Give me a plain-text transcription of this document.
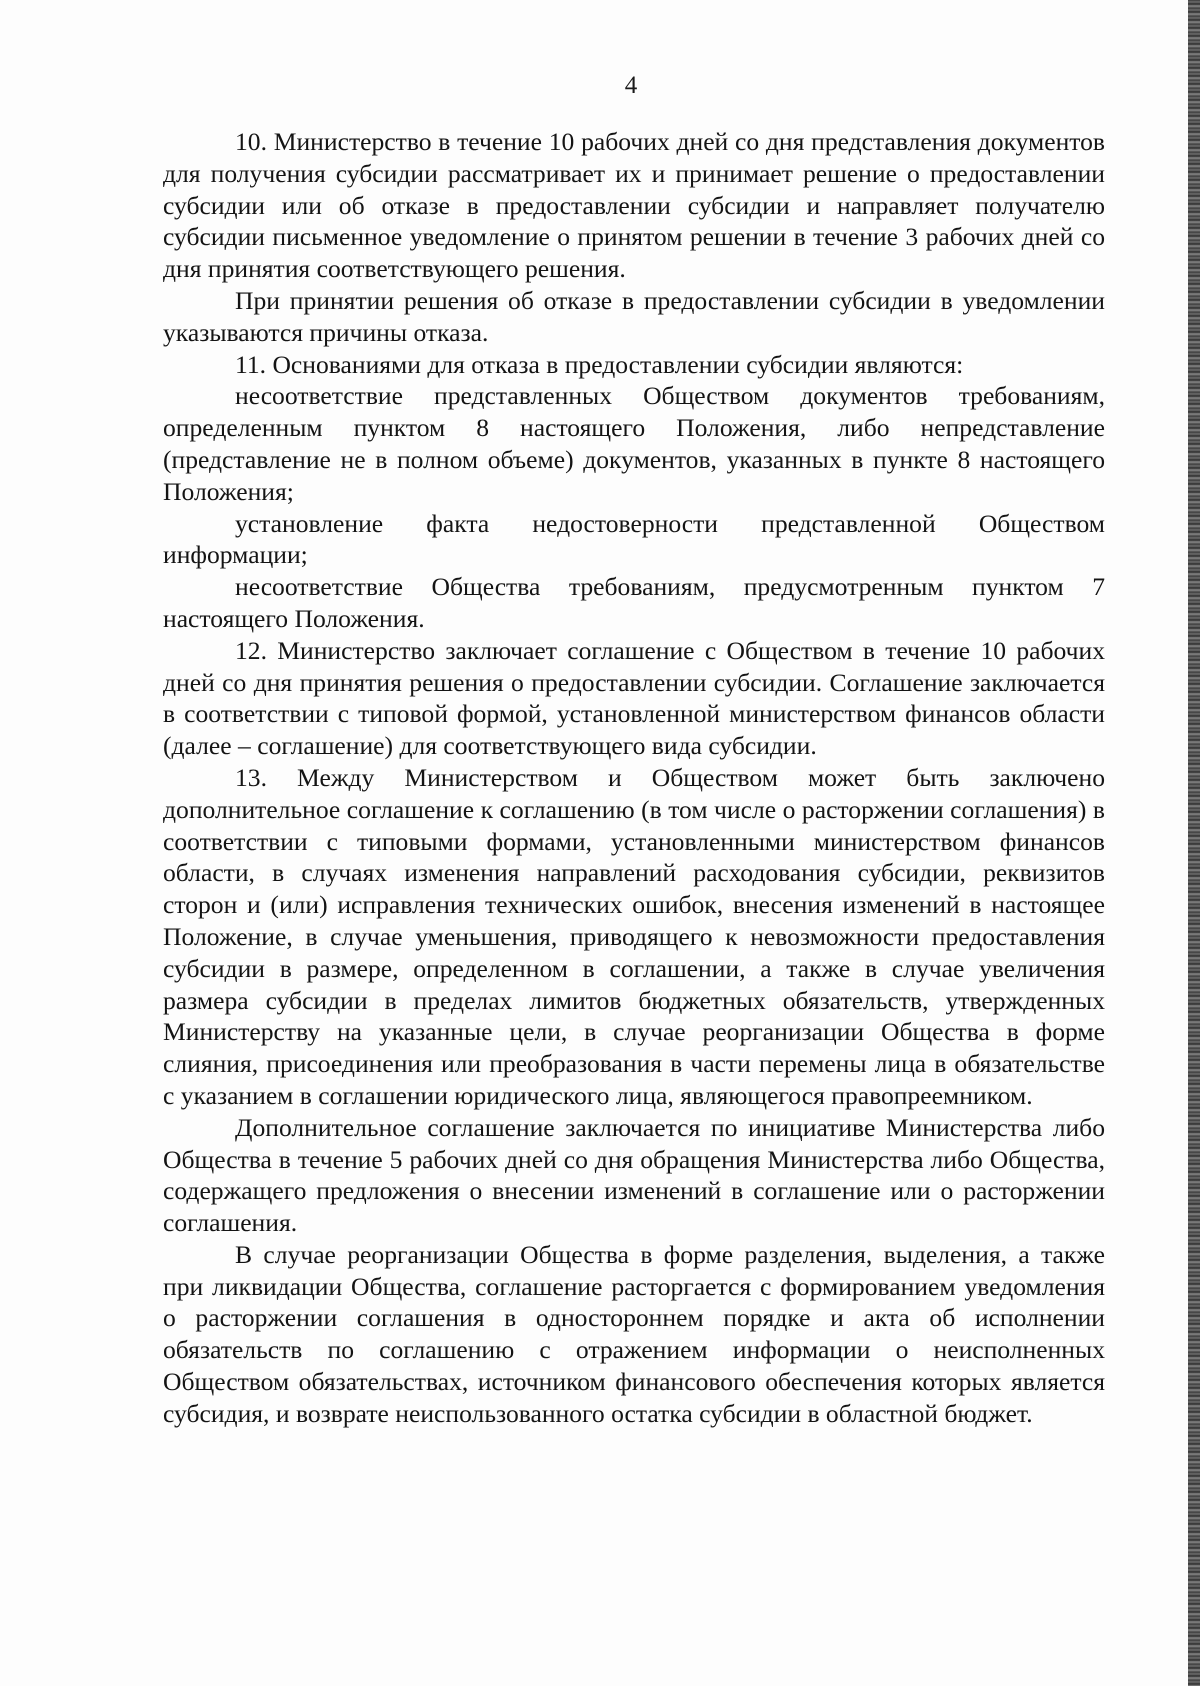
4

10. Министерство в течение 10 рабочих дней со дня представления документов для получения субсидии рассматривает их и принимает решение о предоставлении субсидии или об отказе в предоставлении субсидии и направляет получателю субсидии письменное уведомление о принятом решении в течение 3 рабочих дней со дня принятия соответствующего решения.

При принятии решения об отказе в предоставлении субсидии в уведомлении указываются причины отказа.

11. Основаниями для отказа в предоставлении субсидии являются:

несоответствие представленных Обществом документов требованиям, определенным пунктом 8 настоящего Положения, либо непредставление (представление не в полном объеме) документов, указанных в пункте 8 настоящего Положения;

установление факта недостоверности представленной Обществом информации;

несоответствие Общества требованиям, предусмотренным пунктом 7 настоящего Положения.

12. Министерство заключает соглашение с Обществом в течение 10 рабочих дней со дня принятия решения о предоставлении субсидии. Соглашение заключается в соответствии с типовой формой, установленной министерством финансов области (далее – соглашение) для соответствующего вида субсидии.

13. Между Министерством и Обществом может быть заключено дополнительное соглашение к соглашению (в том числе о расторжении соглашения) в соответствии с типовыми формами, установленными министерством финансов области, в случаях изменения направлений расходования субсидии, реквизитов сторон и (или) исправления технических ошибок, внесения изменений в настоящее Положение, в случае уменьшения, приводящего к невозможности предоставления субсидии в размере, определенном в соглашении, а также в случае увеличения размера субсидии в пределах лимитов бюджетных обязательств, утвержденных Министерству на указанные цели, в случае реорганизации Общества в форме слияния, присоединения или преобразования в части перемены лица в обязательстве с указанием в соглашении юридического лица, являющегося правопреемником.

Дополнительное соглашение заключается по инициативе Министерства либо Общества в течение 5 рабочих дней со дня обращения Министерства либо Общества, содержащего предложения о внесении изменений в соглашение или о расторжении соглашения.

В случае реорганизации Общества в форме разделения, выделения, а также при ликвидации Общества, соглашение расторгается с формированием уведомления о расторжении соглашения в одностороннем порядке и акта об исполнении обязательств по соглашению с отражением информации о неисполненных Обществом обязательствах, источником финансового обеспечения которых является субсидия, и возврате неиспользованного остатка субсидии в областной бюджет.
